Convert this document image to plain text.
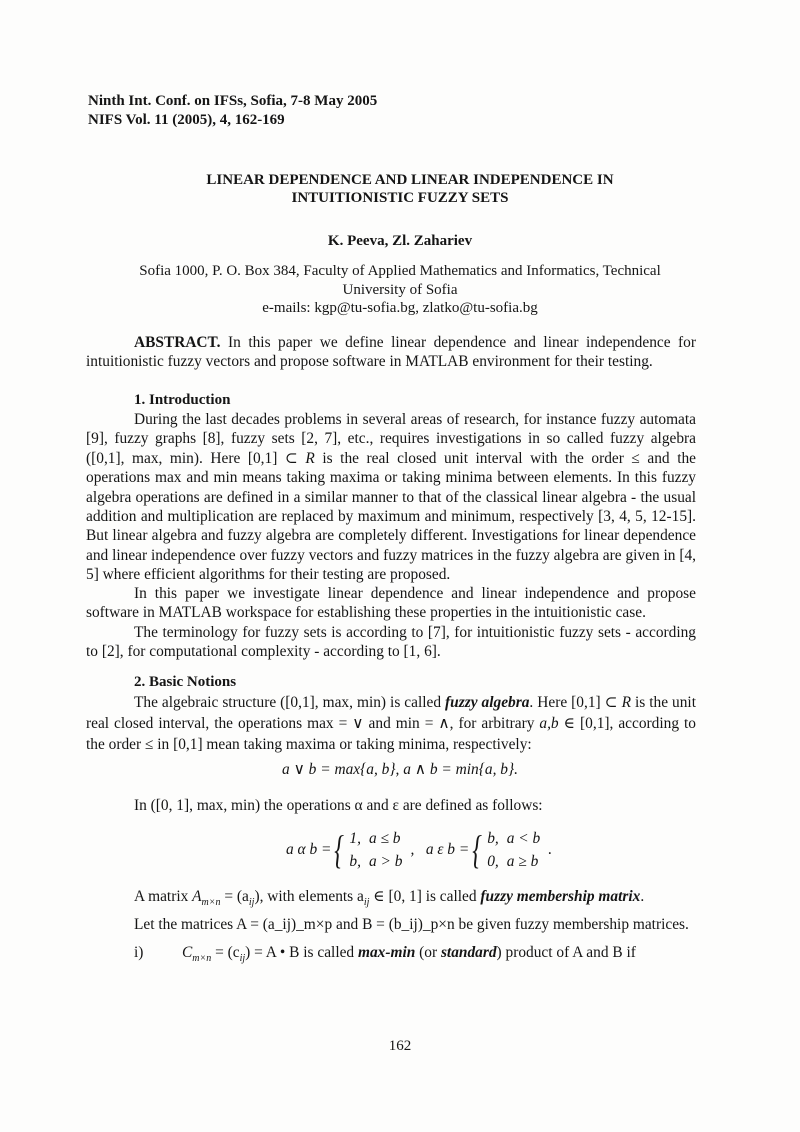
Ninth Int. Conf. on IFSs, Sofia, 7-8 May 2005
NIFS Vol. 11 (2005), 4, 162-169
LINEAR DEPENDENCE AND LINEAR INDEPENDENCE IN
INTUITIONISTIC FUZZY SETS
K. Peeva, Zl. Zahariev
Sofia 1000, P. O. Box 384, Faculty of Applied Mathematics and Informatics, Technical
University of Sofia
e-mails: kgp@tu-sofia.bg, zlatko@tu-sofia.bg
ABSTRACT. In this paper we define linear dependence and linear independence for intuitionistic fuzzy vectors and propose software in MATLAB environment for their testing.
1. Introduction
During the last decades problems in several areas of research, for instance fuzzy automata [9], fuzzy graphs [8], fuzzy sets [2, 7], etc., requires investigations in so called fuzzy algebra ([0,1], max, min). Here [0,1] ⊂ R is the real closed unit interval with the order ≤ and the operations max and min means taking maxima or taking minima between elements. In this fuzzy algebra operations are defined in a similar manner to that of the classical linear algebra - the usual addition and multiplication are replaced by maximum and minimum, respectively [3, 4, 5, 12-15]. But linear algebra and fuzzy algebra are completely different. Investigations for linear dependence and linear independence over fuzzy vectors and fuzzy matrices in the fuzzy algebra are given in [4, 5] where efficient algorithms for their testing are proposed.
In this paper we investigate linear dependence and linear independence and propose software in MATLAB workspace for establishing these properties in the intuitionistic case.
The terminology for fuzzy sets is according to [7], for intuitionistic fuzzy sets - according to [2], for computational complexity - according to [1, 6].
2. Basic Notions
The algebraic structure ([0,1], max, min) is called fuzzy algebra. Here [0,1] ⊂ R is the unit real closed interval, the operations max = ∨ and min = ∧, for arbitrary a,b ∈ [0,1], according to the order ≤ in [0,1] mean taking maxima or taking minima, respectively:
a ∨ b = max{a, b}, a ∧ b = min{a, b}.
In ([0, 1], max, min) the operations α and ε are defined as follows:
a α b ={ 1,	a ≤ b
b,	a > b,   a ε b ={ b,	a < b
0,	a ≥ b.
A matrix $A_{m\times n} = (a_{ij})$, with elements $a_{ij}$ ∈ [0, 1] is called fuzzy membership matrix.
Let the matrices A = (a_ij)_m×p and B = (b_ij)_p×n be given fuzzy membership matrices.
i)	$C_{m\times n} = (c_{ij}) = A$ • B is called max-min (or standard) product of A and B if
162
